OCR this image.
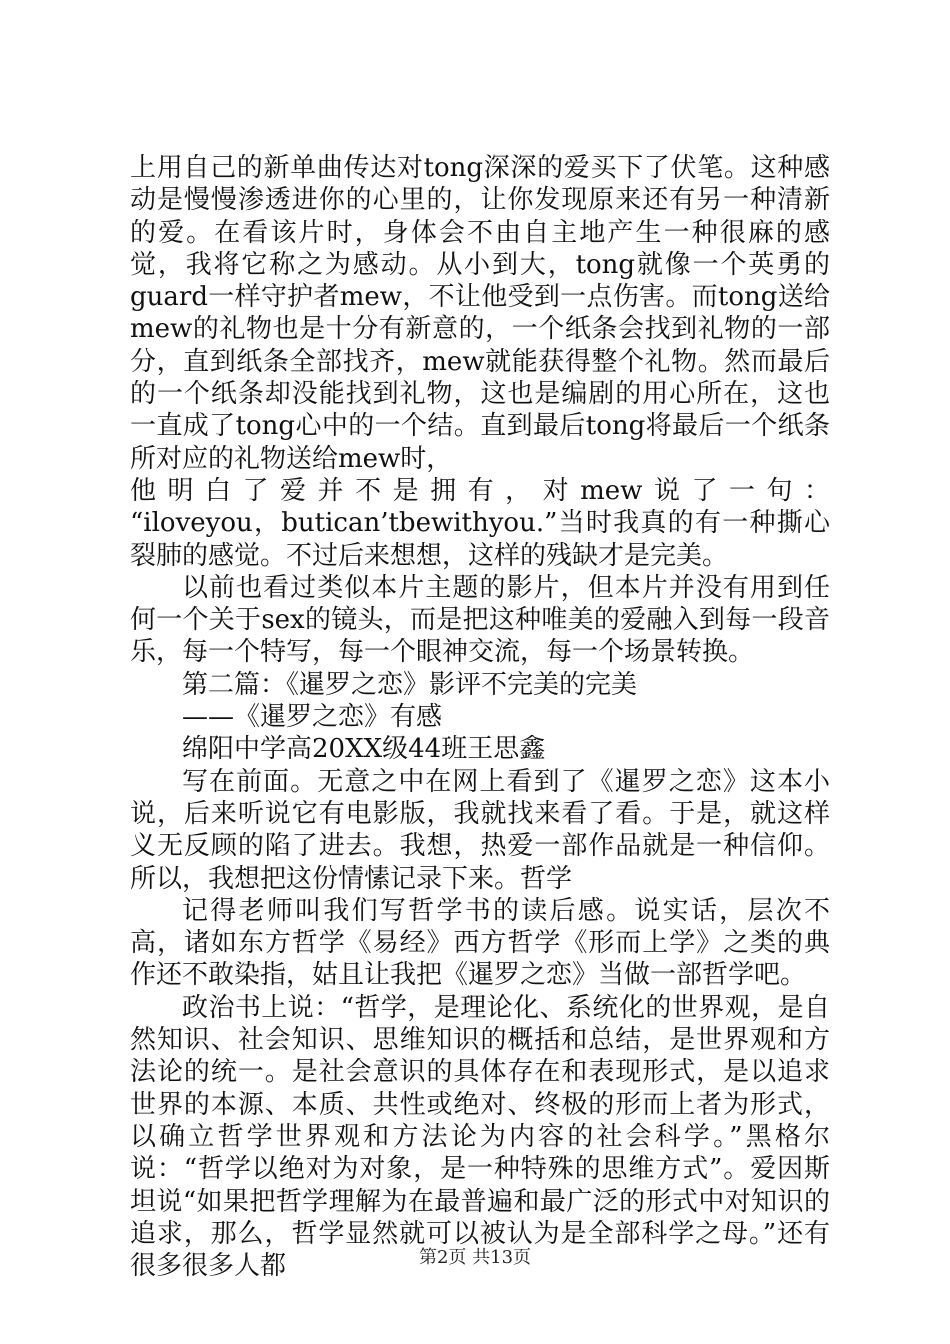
上用自己的新单曲传达对tong深深的爱买下了伏笔。这种感动是慢慢渗透进你的心里的，让你发现原来还有另一种清新的爱。在看该片时，身体会不由自主地产生一种很麻的感觉，我将它称之为感动。从小到大，tong就像一个英勇的guard一样守护者mew，不让他受到一点伤害。而tong送给mew的礼物也是十分有新意的，一个纸条会找到礼物的一部分，直到纸条全部找齐，mew就能获得整个礼物。然而最后的一个纸条却没能找到礼物，这也是编剧的用心所在，这也一直成了tong心中的一个结。直到最后tong将最后一个纸条所对应的礼物送给mew时，

他明白了爱并不是拥有，对mew说了一句：

“iloveyou，butican’tbewithyou.”当时我真的有一种撕心裂肺的感觉。不过后来想想，这样的残缺才是完美。

以前也看过类似本片主题的影片，但本片并没有用到任何一个关于sex的镜头，而是把这种唯美的爱融入到每一段音乐，每一个特写，每一个眼神交流，每一个场景转换。

第二篇：《暹罗之恋》影评不完美的完美

——《暹罗之恋》有感

绵阳中学高20XX级44班王思鑫

写在前面。无意之中在网上看到了《暹罗之恋》这本小说，后来听说它有电影版，我就找来看了看。于是，就这样义无反顾的陷了进去。我想，热爱一部作品就是一种信仰。所以，我想把这份情愫记录下来。哲学

记得老师叫我们写哲学书的读后感。说实话，层次不高，诸如东方哲学《易经》西方哲学《形而上学》之类的典作还不敢染指，姑且让我把《暹罗之恋》当做一部哲学吧。

政治书上说：“哲学，是理论化、系统化的世界观，是自然知识、社会知识、思维知识的概括和总结，是世界观和方法论的统一。是社会意识的具体存在和表现形式，是以追求世界的本源、本质、共性或绝对、终极的形而上者为形式，以确立哲学世界观和方法论为内容的社会科学。”黑格尔说：“哲学以绝对为对象，是一种特殊的思维方式”。爱因斯坦说“如果把哲学理解为在最普遍和最广泛的形式中对知识的追求，那么，哲学显然就可以被认为是全部科学之母。”还有很多很多人都	第2页 共13页
